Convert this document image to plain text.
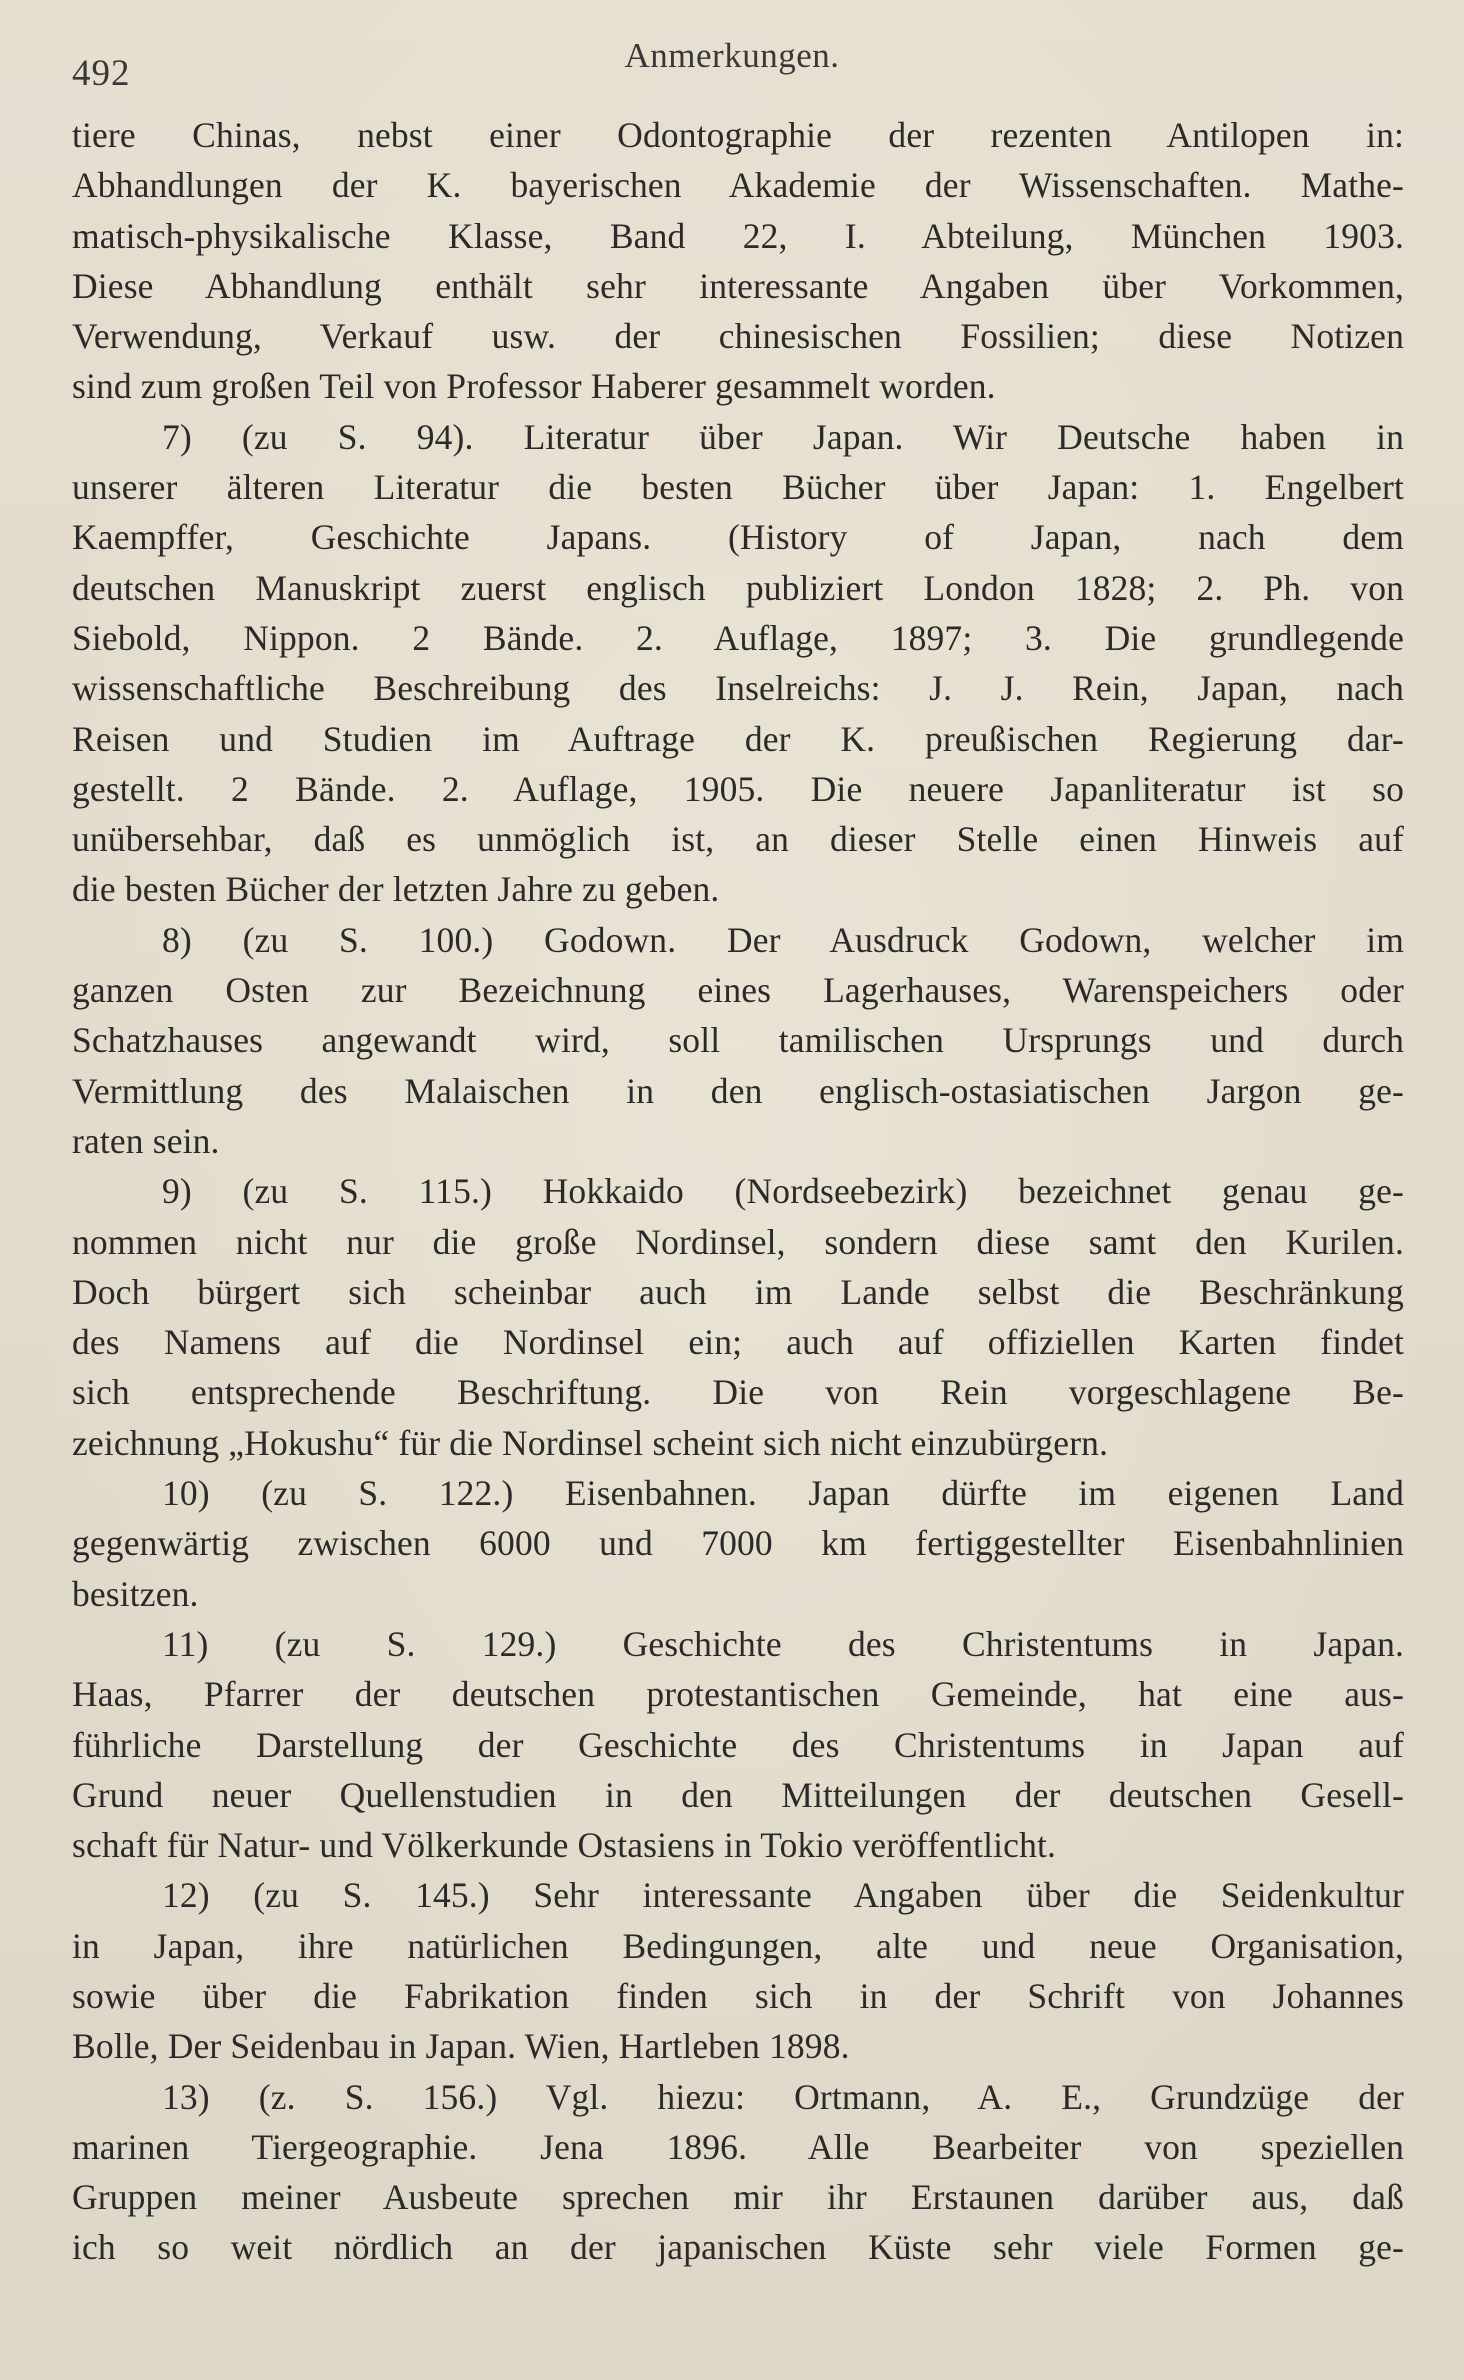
492	Anmerkungen.
tiere Chinas, nebst einer Odontographie der rezenten Antilopen in:
Abhandlungen der K. bayerischen Akademie der Wissenschaften. Mathe-
matisch-physikalische Klasse, Band 22, I. Abteilung, München 1903.
Diese Abhandlung enthält sehr interessante Angaben über Vorkommen,
Verwendung, Verkauf usw. der chinesischen Fossilien; diese Notizen
sind zum großen Teil von Professor Haberer gesammelt worden.
7) (zu S. 94). Literatur über Japan. Wir Deutsche haben in
unserer älteren Literatur die besten Bücher über Japan: 1. Engelbert
Kaempffer, Geschichte Japans. (History of Japan, nach dem
deutschen Manuskript zuerst englisch publiziert London 1828; 2. Ph. von
Siebold, Nippon. 2 Bände. 2. Auflage, 1897; 3. Die grundlegende
wissenschaftliche Beschreibung des Inselreichs: J. J. Rein, Japan, nach
Reisen und Studien im Auftrage der K. preußischen Regierung dar-
gestellt. 2 Bände. 2. Auflage, 1905. Die neuere Japanliteratur ist so
unübersehbar, daß es unmöglich ist, an dieser Stelle einen Hinweis auf
die besten Bücher der letzten Jahre zu geben.
8) (zu S. 100.) Godown. Der Ausdruck Godown, welcher im
ganzen Osten zur Bezeichnung eines Lagerhauses, Warenspeichers oder
Schatzhauses angewandt wird, soll tamilischen Ursprungs und durch
Vermittlung des Malaischen in den englisch-ostasiatischen Jargon ge-
raten sein.
9) (zu S. 115.) Hokkaido (Nordseebezirk) bezeichnet genau ge-
nommen nicht nur die große Nordinsel, sondern diese samt den Kurilen.
Doch bürgert sich scheinbar auch im Lande selbst die Beschränkung
des Namens auf die Nordinsel ein; auch auf offiziellen Karten findet
sich entsprechende Beschriftung. Die von Rein vorgeschlagene Be-
zeichnung „Hokushu“ für die Nordinsel scheint sich nicht einzubürgern.
10) (zu S. 122.) Eisenbahnen. Japan dürfte im eigenen Land
gegenwärtig zwischen 6000 und 7000 km fertiggestellter Eisenbahnlinien
besitzen.
11) (zu S. 129.) Geschichte des Christentums in Japan.
Haas, Pfarrer der deutschen protestantischen Gemeinde, hat eine aus-
führliche Darstellung der Geschichte des Christentums in Japan auf
Grund neuer Quellenstudien in den Mitteilungen der deutschen Gesell-
schaft für Natur- und Völkerkunde Ostasiens in Tokio veröffentlicht.
12) (zu S. 145.) Sehr interessante Angaben über die Seidenkultur
in Japan, ihre natürlichen Bedingungen, alte und neue Organisation,
sowie über die Fabrikation finden sich in der Schrift von Johannes
Bolle, Der Seidenbau in Japan. Wien, Hartleben 1898.
13) (z. S. 156.) Vgl. hiezu: Ortmann, A. E., Grundzüge der
marinen Tiergeographie. Jena 1896. Alle Bearbeiter von speziellen
Gruppen meiner Ausbeute sprechen mir ihr Erstaunen darüber aus, daß
ich so weit nördlich an der japanischen Küste sehr viele Formen ge-
